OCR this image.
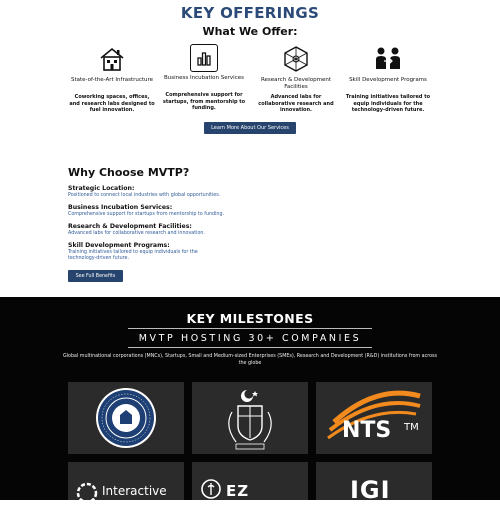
KEY OFFERINGS
What We Offer:
State-of-the-Art Infrastructure
Coworking spaces, offices, and research labs designed to fuel innovation.
Business Incubation Services
Comprehensive support for startups, from mentorship to funding.
Research & Development Facilities
Advanced labs for collaborative research and innovation.
Skill Development Programs
Training initiatives tailored to equip individuals for the technology-driven future.
Learn More About Our Services
Why Choose MVTP?
Strategic Location:
Positioned to connect local industries with global opportunities.
Business Incubation Services:
Comprehensive support for startups from mentorship to funding.
Research & Development Facilities:
Advanced labs for collaborative research and innovation.
Skill Development Programs:
Training initiatives tailored to equip individuals for the technology-driven future.
See Full Benefits
KEY MILESTONES
MVTP HOSTING 30+ COMPANIES
Global multinational corporations (MNCs), Startups, Small and Medium-sized Enterprises (SMEs), Research and Development (R&D) institutions from across the globe
NTS TM
Interactive	EZ SHIFA
IGI
